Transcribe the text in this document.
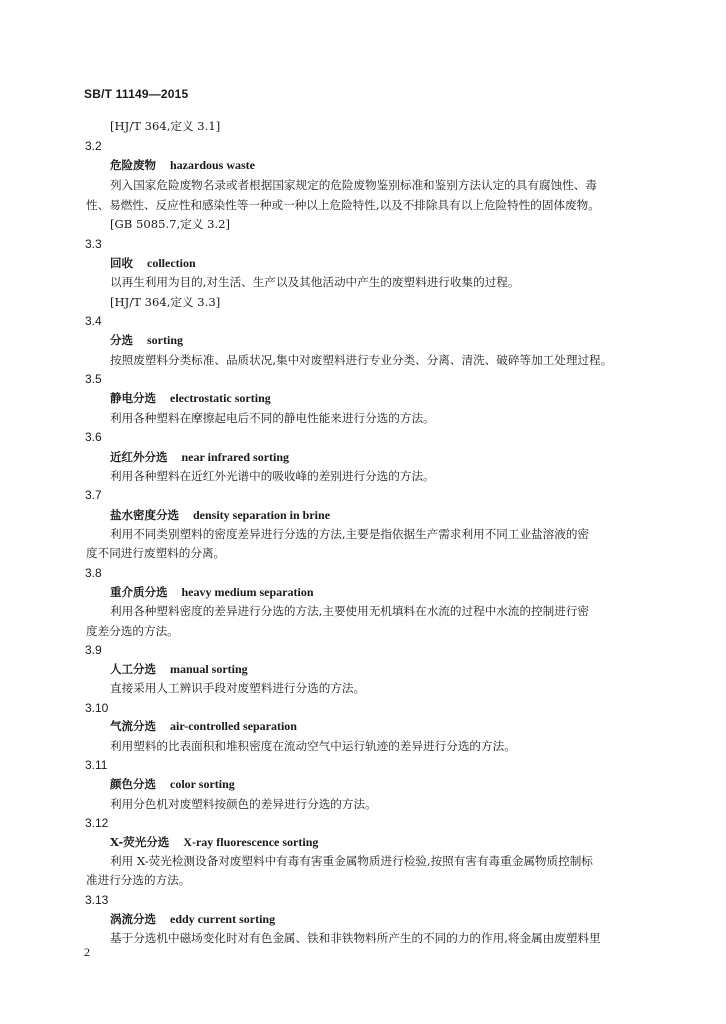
SB/T 11149—2015
[HJ/T 364,定义 3.1]
3.2
危险废物 hazardous waste
列入国家危险废物名录或者根据国家规定的危险废物鉴别标准和鉴别方法认定的具有腐蚀性、毒
性、易燃性、反应性和感染性等一种或一种以上危险特性,以及不排除具有以上危险特性的固体废物。
[GB 5085.7,定义 3.2]
3.3
回收 collection
以再生利用为目的,对生活、生产以及其他活动中产生的废塑料进行收集的过程。
[HJ/T 364,定义 3.3]
3.4
分选 sorting
按照废塑料分类标准、品质状况,集中对废塑料进行专业分类、分离、清洗、破碎等加工处理过程。
3.5
静电分选 electrostatic sorting
利用各种塑料在摩擦起电后不同的静电性能来进行分选的方法。
3.6
近红外分选 near infrared sorting
利用各种塑料在近红外光谱中的吸收峰的差别进行分选的方法。
3.7
盐水密度分选 density separation in brine
利用不同类别塑料的密度差异进行分选的方法,主要是指依据生产需求利用不同工业盐溶液的密
度不同进行废塑料的分离。
3.8
重介质分选 heavy medium separation
利用各种塑料密度的差异进行分选的方法,主要使用无机填料在水流的过程中水流的控制进行密
度差分选的方法。
3.9
人工分选 manual sorting
直接采用人工辨识手段对废塑料进行分选的方法。
3.10
气流分选 air-controlled separation
利用塑料的比表面积和堆积密度在流动空气中运行轨迹的差异进行分选的方法。
3.11
颜色分选 color sorting
利用分色机对废塑料按颜色的差异进行分选的方法。
3.12
X-荧光分选 X-ray fluorescence sorting
利用 X-荧光检测设备对废塑料中有毒有害重金属物质进行检验,按照有害有毒重金属物质控制标
准进行分选的方法。
3.13
涡流分选 eddy current sorting
基于分选机中磁场变化时对有色金属、铁和非铁物料所产生的不同的力的作用,将金属由废塑料里
2
